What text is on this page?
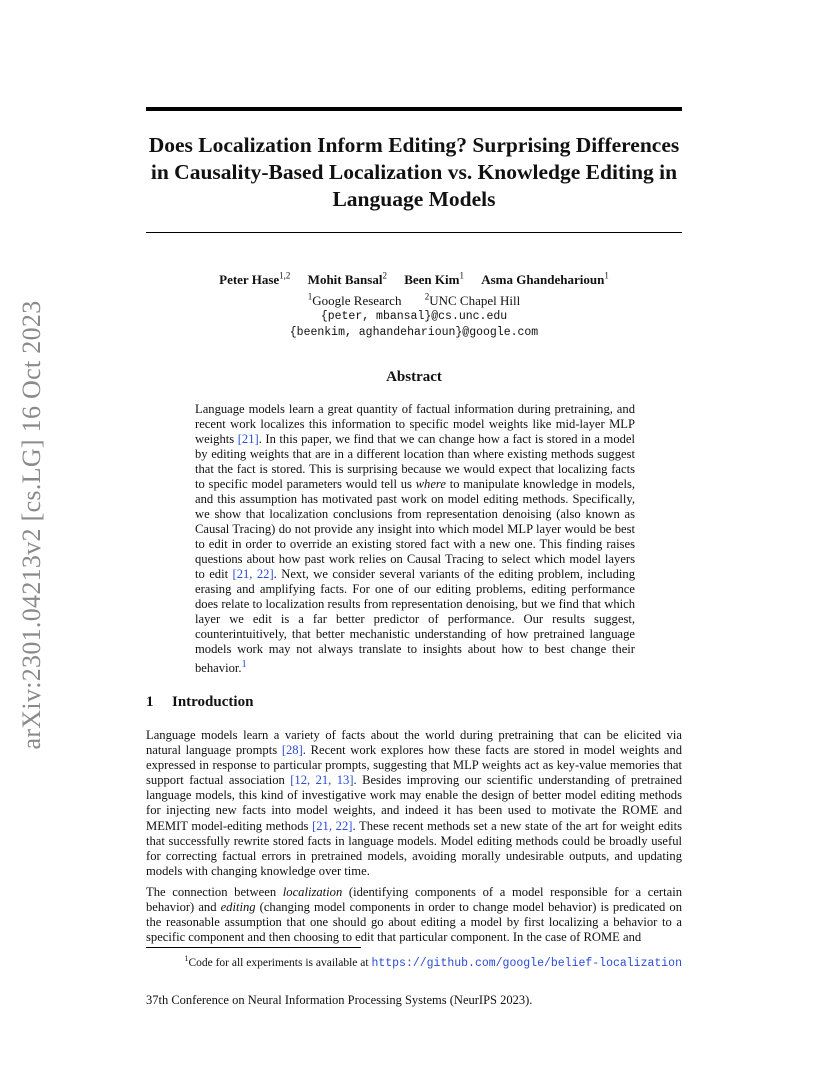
Does Localization Inform Editing? Surprising Differences in Causality-Based Localization vs. Knowledge Editing in Language Models
arXiv:2301.04213v2 [cs.LG] 16 Oct 2023
Peter Hase$^{1,2}$ Mohit Bansal$^2$ Been Kim$^1$ Asma Ghandeharioun$^1$
$^1$Google Research	$^2$UNC Chapel Hill
{peter, mbansal}@cs.unc.edu
{beenkim, aghandeharioun}@google.com
Abstract
Language models learn a great quantity of factual information during pretraining, and recent work localizes this information to specific model weights like mid-layer MLP weights [21]. In this paper, we find that we can change how a fact is stored in a model by editing weights that are in a different location than where existing methods suggest that the fact is stored. This is surprising because we would expect that localizing facts to specific model parameters would tell us where to manipulate knowledge in models, and this assumption has motivated past work on model editing methods. Specifically, we show that localization conclusions from representation denoising (also known as Causal Tracing) do not provide any insight into which model MLP layer would be best to edit in order to override an existing stored fact with a new one. This finding raises questions about how past work relies on Causal Tracing to select which model layers to edit [21, 22]. Next, we consider several variants of the editing problem, including erasing and amplifying facts. For one of our editing problems, editing performance does relate to localization results from representation denoising, but we find that which layer we edit is a far better predictor of performance. Our results suggest, counterintuitively, that better mechanistic understanding of how pretrained language models work may not always translate to insights about how to best change their behavior.$^1$
1 Introduction

Language models learn a variety of facts about the world during pretraining that can be elicited via natural language prompts [28]. Recent work explores how these facts are stored in model weights and expressed in response to particular prompts, suggesting that MLP weights act as key-value memories that support factual association [12, 21, 13]. Besides improving our scientific understanding of pretrained language models, this kind of investigative work may enable the design of better model editing methods for injecting new facts into model weights, and indeed it has been used to motivate the ROME and MEMIT model-editing methods [21, 22]. These recent methods set a new state of the art for weight edits that successfully rewrite stored facts in language models. Model editing methods could be broadly useful for correcting factual errors in pretrained models, avoiding morally undesirable outputs, and updating models with changing knowledge over time.

The connection between localization (identifying components of a model responsible for a certain behavior) and editing (changing model components in order to change model behavior) is predicated on the reasonable assumption that one should go about editing a model by first localizing a behavior to a specific component and then choosing to edit that particular component. In the case of ROME and

$^1$Code for all experiments is available at https://github.com/google/belief-localization
37th Conference on Neural Information Processing Systems (NeurIPS 2023).
